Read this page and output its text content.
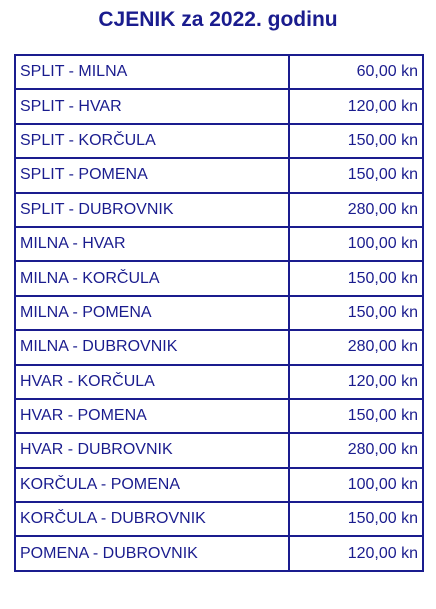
CJENIK za 2022. godinu
SPLIT - MILNA	60,00 kn
SPLIT - HVAR	120,00 kn
SPLIT - KORČULA	150,00 kn
SPLIT - POMENA	150,00 kn
SPLIT - DUBROVNIK	280,00 kn
MILNA - HVAR	100,00 kn
MILNA - KORČULA	150,00 kn
MILNA - POMENA	150,00 kn
MILNA - DUBROVNIK	280,00 kn
HVAR - KORČULA	120,00 kn
HVAR - POMENA	150,00 kn
HVAR - DUBROVNIK	280,00 kn
KORČULA - POMENA	100,00 kn
KORČULA - DUBROVNIK	150,00 kn
POMENA - DUBROVNIK	120,00 kn
